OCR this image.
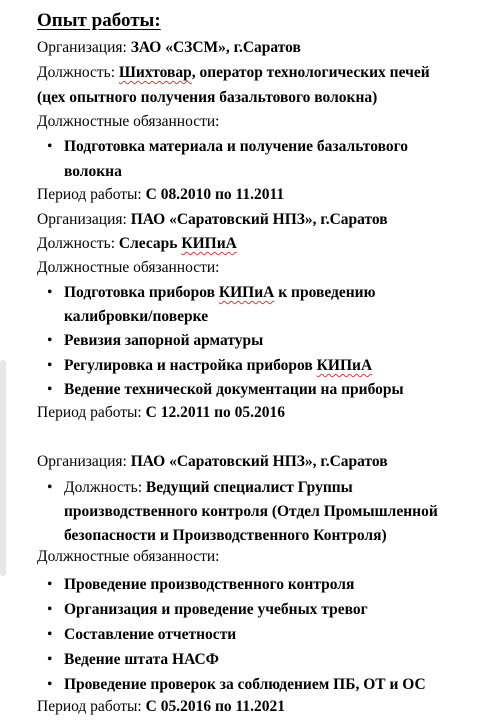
Опыт работы:
Организация: ЗАО «СЗСМ», г.Саратов
Должность: Шихтовар, оператор технологических печей
(цех опытного получения базальтового волокна)
Должностные обязанности:
• Подготовка материала и получение базальтового
волокна
Период работы: С 08.2010 по 11.2011
Организация: ПАО «Саратовский НПЗ», г.Саратов
Должность: Слесарь КИПиА
Должностные обязанности:
• Подготовка приборов КИПиА к проведению
калибровки/поверке
• Ревизия запорной арматуры
• Регулировка и настройка приборов КИПиА
• Ведение технической документации на приборы
Период работы: С 12.2011 по 05.2016
Организация: ПАО «Саратовский НПЗ», г.Саратов
• Должность: Ведущий специалист Группы
производственного контроля (Отдел Промышленной
безопасности и Производственного Контроля)
Должностные обязанности:
• Проведение производственного контроля
• Организация и проведение учебных тревог
• Составление отчетности
• Ведение штата НАСФ
• Проведение проверок за соблюдением ПБ, ОТ и ОС
Период работы: С 05.2016 по 11.2021
